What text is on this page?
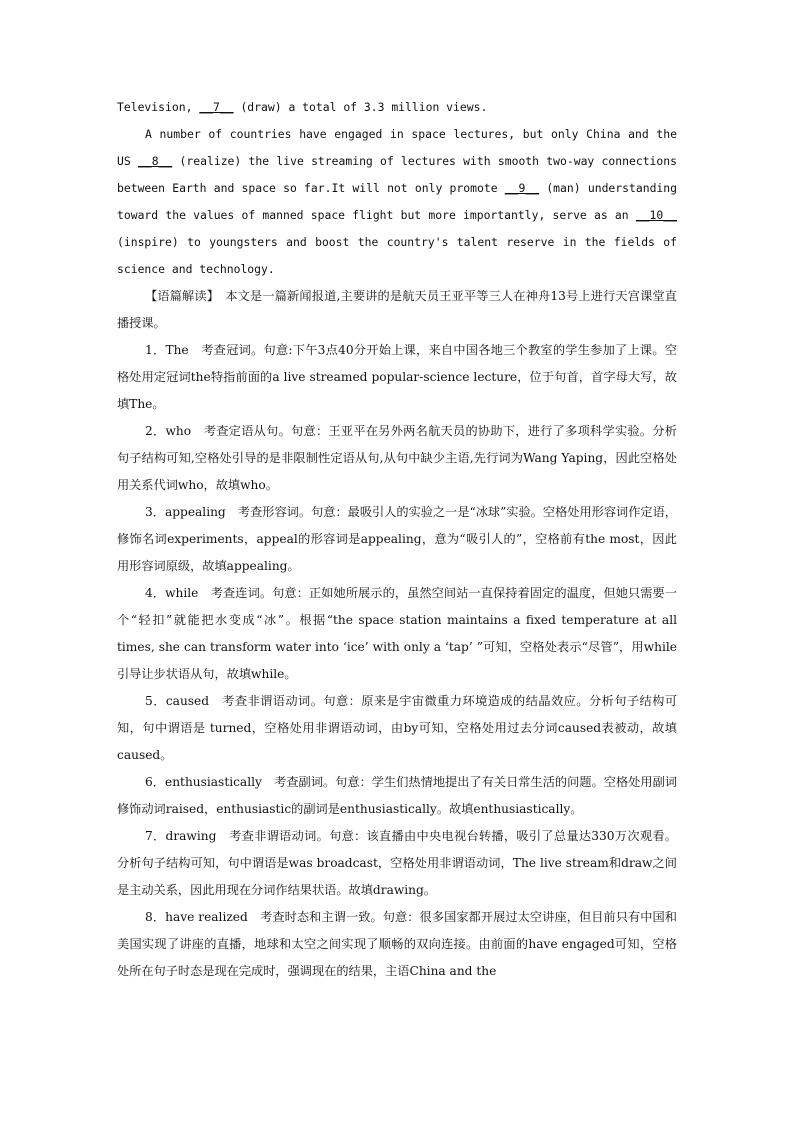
Television, __7__ (draw) a total of 3.3 million views.

A number of countries have engaged in space lectures, but only China and the US __8__ (realize) the live streaming of lectures with smooth two-way connections between Earth and space so far.It will not only promote __9__ (man) understanding toward the values of manned space flight but more importantly, serve as an __10__ (inspire) to youngsters and boost the country's talent reserve in the fields of science and technology.

【语篇解读】　本文是一篇新闻报道,主要讲的是航天员王亚平等三人在神舟13号上进行天宫课堂直播授课。

1．The　考查冠词。句意:下午3点40分开始上课，来自中国各地三个教室的学生参加了上课。空格处用定冠词the特指前面的a live streamed popular-science lecture，位于句首，首字母大写，故填The。

2．who　考查定语从句。句意：王亚平在另外两名航天员的协助下，进行了多项科学实验。分析句子结构可知,空格处引导的是非限制性定语从句,从句中缺少主语,先行词为Wang Yaping，因此空格处用关系代词who，故填who。

3．appealing　考查形容词。句意：最吸引人的实验之一是“冰球”实验。空格处用形容词作定语，修饰名词experiments，appeal的形容词是appealing，意为“吸引人的”，空格前有the most，因此用形容词原级，故填appealing。

4．while　考查连词。句意：正如她所展示的，虽然空间站一直保持着固定的温度，但她只需要一个“轻扣”就能把水变成“冰”。根据“the space station maintains a fixed temperature at all times, she can transform water into ‘ice’ with only a ‘tap’ ”可知，空格处表示“尽管”，用while引导让步状语从句，故填while。

5．caused　考查非谓语动词。句意：原来是宇宙微重力环境造成的结晶效应。分析句子结构可知，句中谓语是 turned，空格处用非谓语动词，由by可知，空格处用过去分词caused表被动，故填caused。

6．enthusiastically　考查副词。句意：学生们热情地提出了有关日常生活的问题。空格处用副词修饰动词raised，enthusiastic的副词是enthusiastically。故填enthusiastically。

7．drawing　考查非谓语动词。句意：该直播由中央电视台转播，吸引了总量达330万次观看。分析句子结构可知，句中谓语是was broadcast，空格处用非谓语动词，The live stream和draw之间是主动关系，因此用现在分词作结果状语。故填drawing。

8．have realized　考查时态和主谓一致。句意：很多国家都开展过太空讲座，但目前只有中国和美国实现了讲座的直播，地球和太空之间实现了顺畅的双向连接。由前面的have engaged可知，空格处所在句子时态是现在完成时，强调现在的结果，主语China and the
